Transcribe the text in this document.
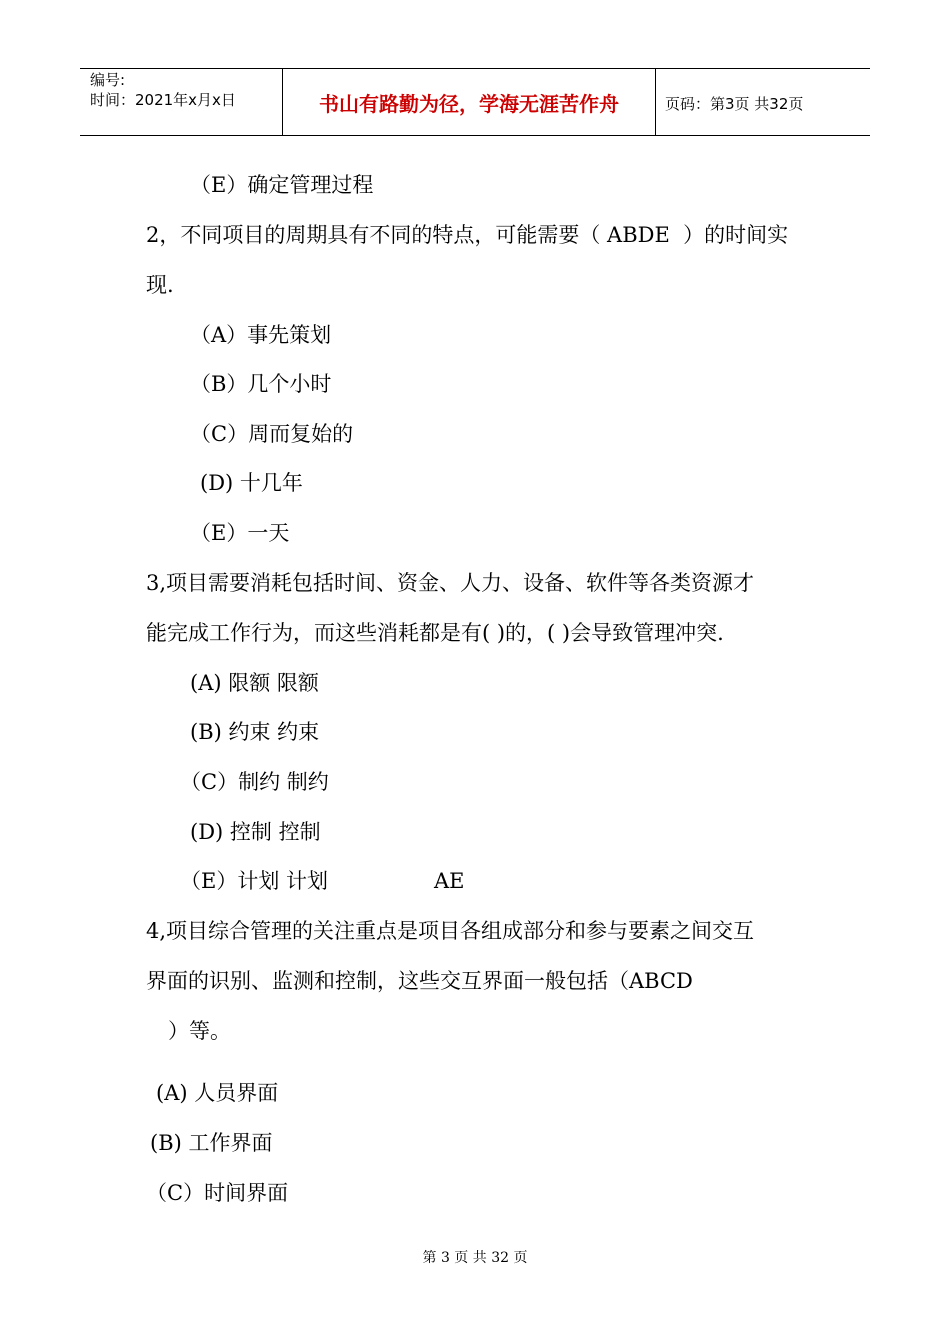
编号:
时间：2021年x月x日	书山有路勤为径，学海无涯苦作舟	页码：第3页 共32页
（E）确定管理过程
2，不同项目的周期具有不同的特点，可能需要（ ABDE  ）的时间实
现.
（A）事先策划
（B）几个小时
（C）周而复始的
(D) 十几年
（E）一天
3,项目需要消耗包括时间、资金、人力、设备、软件等各类资源才
能完成工作行为，而这些消耗都是有( )的，( )会导致管理冲突.
(A) 限额 限额
(B) 约束 约束
（C）制约 制约
(D) 控制 控制
（E）计划 计划	AE
4,项目综合管理的关注重点是项目各组成部分和参与要素之间交互
界面的识别、监测和控制，这些交互界面一般包括（ABCD
）等。
(A) 人员界面
(B) 工作界面
（C）时间界面
第 3 页 共 32 页
